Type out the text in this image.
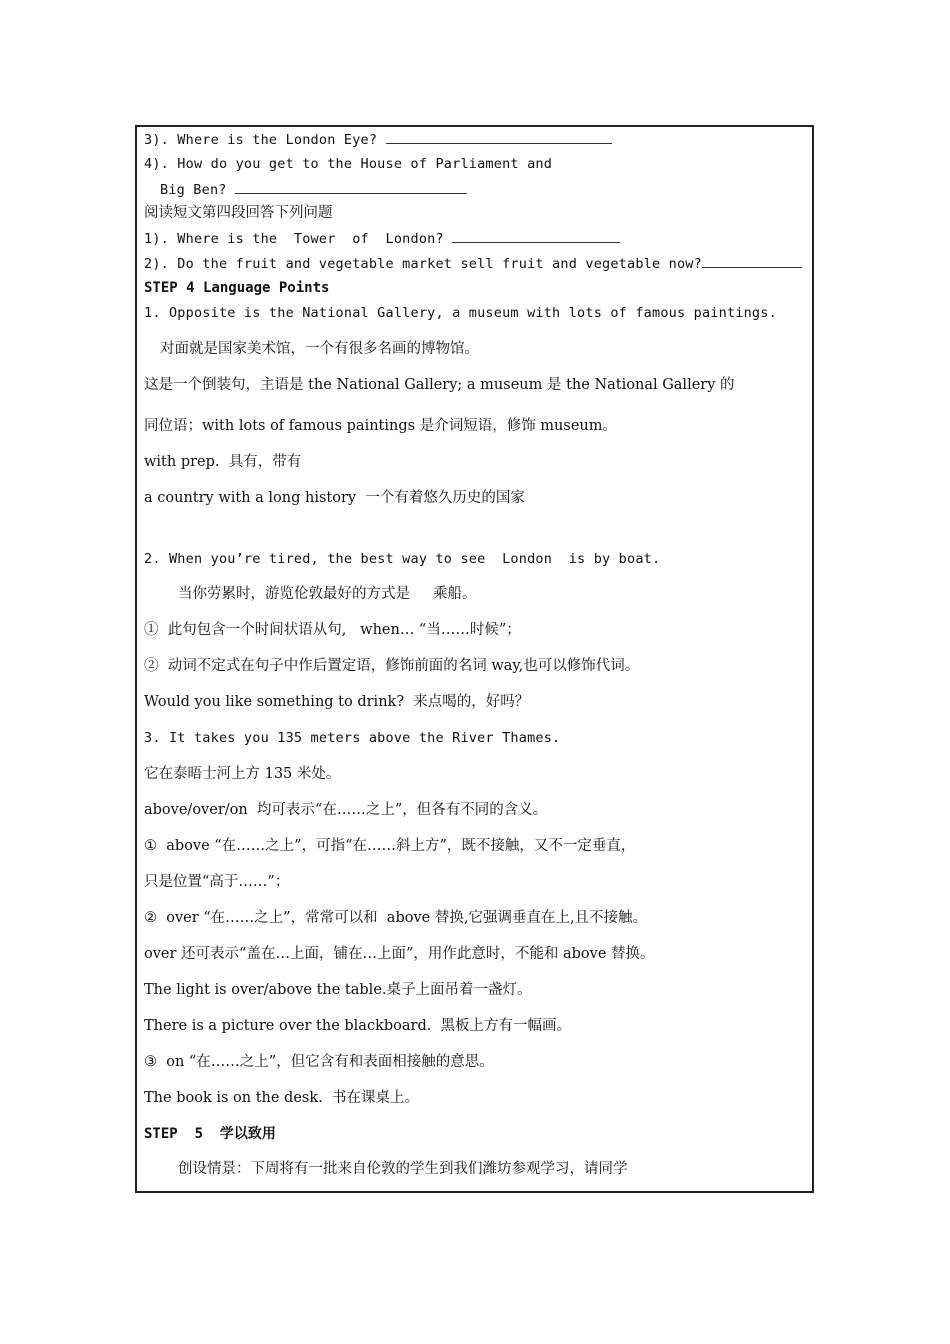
3). Where is the London Eye?
4). How do you get to the House of Parliament and
Big Ben?
阅读短文第四段回答下列问题
1). Where is the  Tower  of  London?
2). Do the fruit and vegetable market sell fruit and vegetable now?
STEP 4 Language Points
1. Opposite is the National Gallery, a museum with lots of famous paintings.
对面就是国家美术馆，一个有很多名画的博物馆。
这是一个倒装句，主语是 the National Gallery; a museum 是 the National Gallery 的
同位语；with lots of famous paintings 是介词短语，修饰 museum。
with prep.  具有，带有
a country with a long history  一个有着悠久历史的国家
2. When you’re tired, the best way to see  London  is by boat.
当你劳累时，游览伦敦最好的方式是     乘船。
①  此句包含一个时间状语从句,   when… “当……时候”；
②  动词不定式在句子中作后置定语，修饰前面的名词 way,也可以修饰代词。
Would you like something to drink?  来点喝的，好吗？
3. It takes you 135 meters above the River Thames.
它在泰晤士河上方 135 米处。
above/over/on  均可表示“在……之上”，但各有不同的含义。
①  above “在……之上”，可指“在……斜上方”，既不接触，又不一定垂直，
只是位置“高于……”；
②  over “在……之上”，常常可以和  above 替换,它强调垂直在上,且不接触。
over 还可表示“盖在…上面，铺在…上面”，用作此意时，不能和 above 替换。
The light is over/above the table.桌子上面吊着一盏灯。
There is a picture over the blackboard.  黑板上方有一幅画。
③  on “在……之上”，但它含有和表面相接触的意思。
The book is on the desk.  书在课桌上。
STEP  5  学以致用
创设情景：下周将有一批来自伦敦的学生到我们潍坊参观学习，请同学
